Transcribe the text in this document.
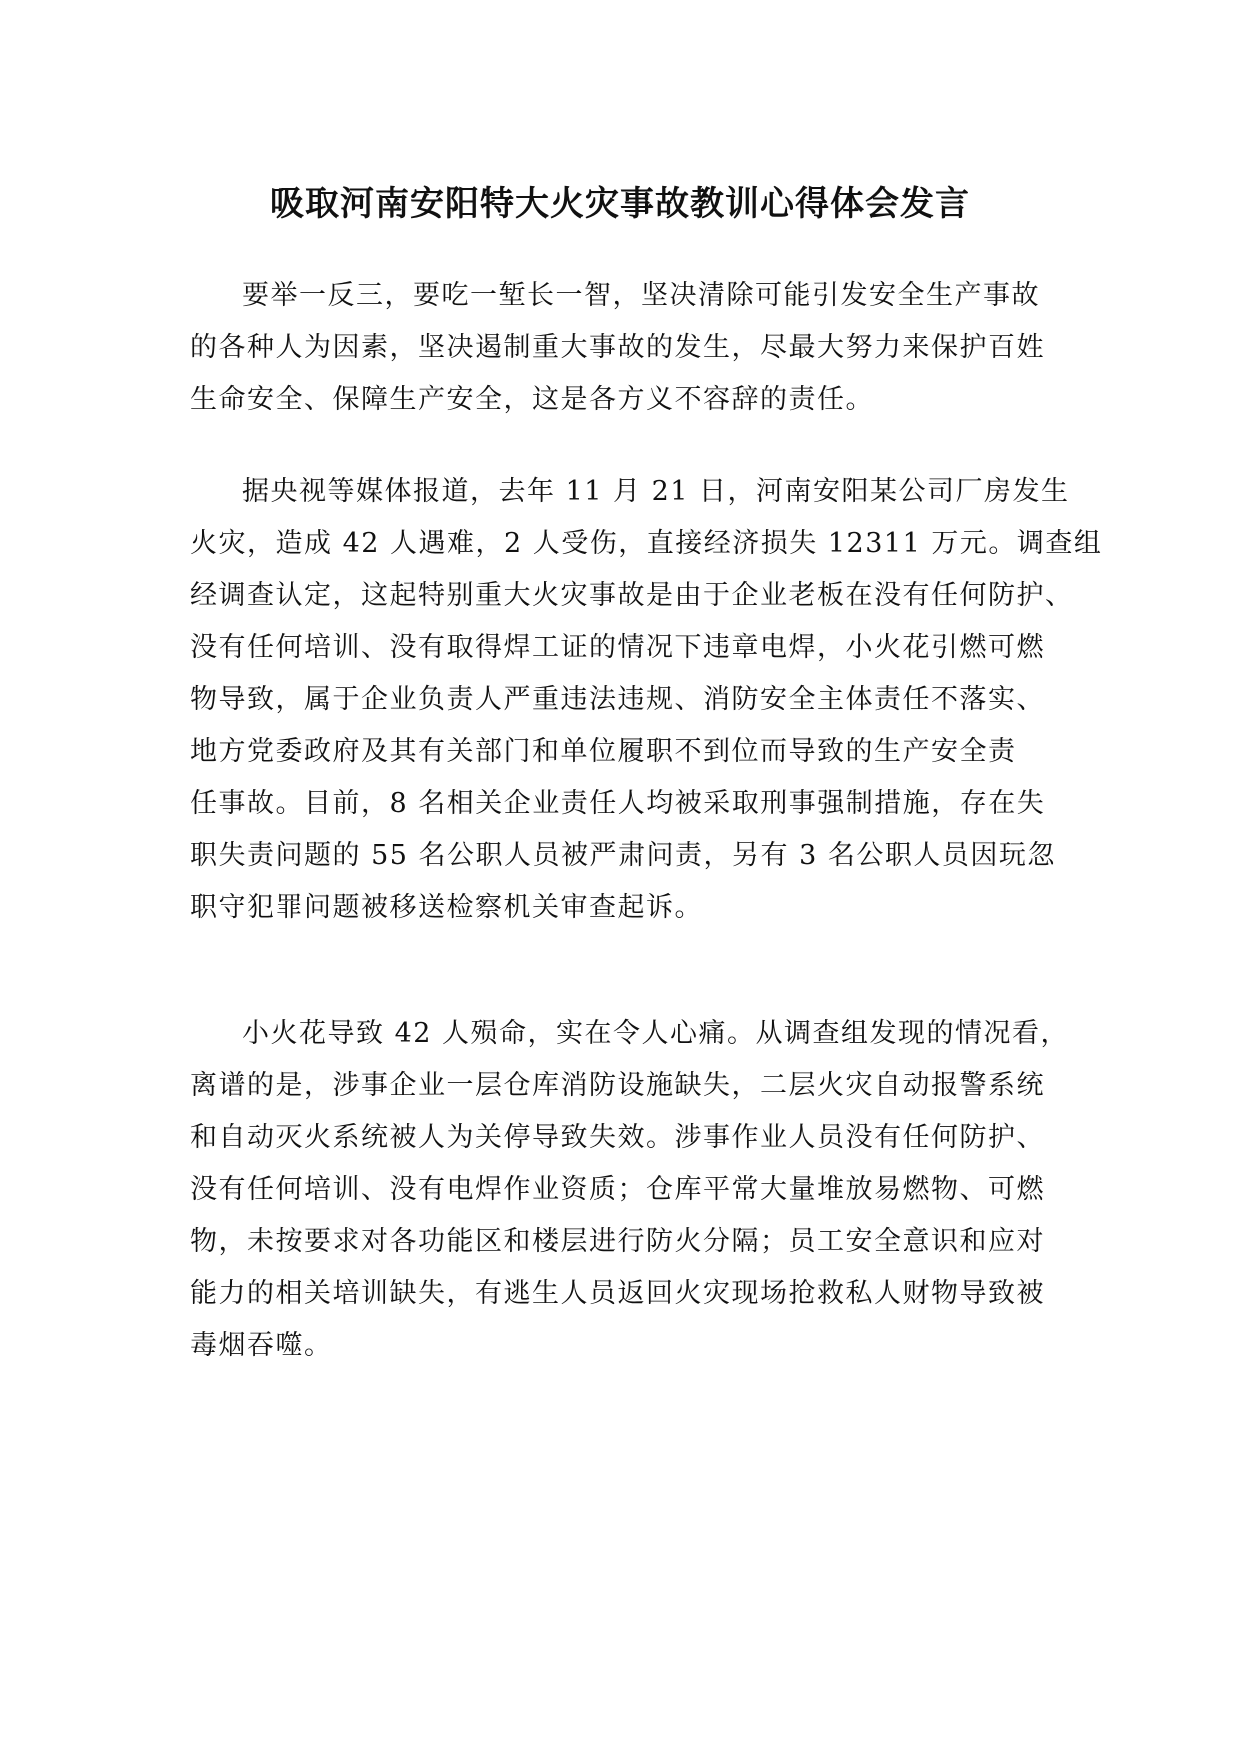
吸取河南安阳特大火灾事故教训心得体会发言
要举一反三，要吃一堑长一智，坚决清除可能引发安全生产事故
的各种人为因素，坚决遏制重大事故的发生，尽最大努力来保护百姓
生命安全、保障生产安全，这是各方义不容辞的责任。
据央视等媒体报道，去年 11 月 21 日，河南安阳某公司厂房发生
火灾，造成 42 人遇难，2 人受伤，直接经济损失 12311 万元。调查组
经调查认定，这起特别重大火灾事故是由于企业老板在没有任何防护、
没有任何培训、没有取得焊工证的情况下违章电焊，小火花引燃可燃
物导致，属于企业负责人严重违法违规、消防安全主体责任不落实、
地方党委政府及其有关部门和单位履职不到位而导致的生产安全责
任事故。目前，8 名相关企业责任人均被采取刑事强制措施，存在失
职失责问题的 55 名公职人员被严肃问责，另有 3 名公职人员因玩忽
职守犯罪问题被移送检察机关审查起诉。
小火花导致 42 人殒命，实在令人心痛。从调查组发现的情况看，
离谱的是，涉事企业一层仓库消防设施缺失，二层火灾自动报警系统
和自动灭火系统被人为关停导致失效。涉事作业人员没有任何防护、
没有任何培训、没有电焊作业资质；仓库平常大量堆放易燃物、可燃
物，未按要求对各功能区和楼层进行防火分隔；员工安全意识和应对
能力的相关培训缺失，有逃生人员返回火灾现场抢救私人财物导致被
毒烟吞噬。
